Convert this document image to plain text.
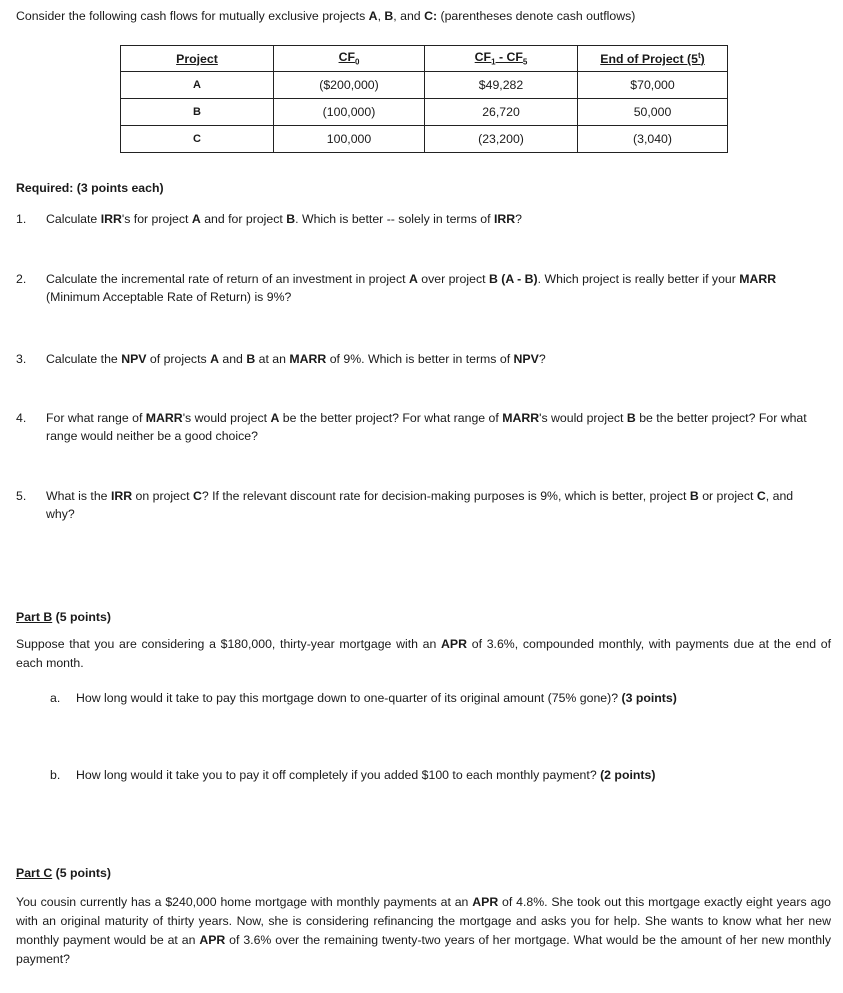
Consider the following cash flows for mutually exclusive projects A, B, and C: (parentheses denote cash outflows)
Project	$CF_0$	$CF_1 - CF_5$	End of Project (5$^t$)
A	($200,000)	$49,282	$70,000
B	(100,000)	26,720	50,000
C	100,000	(23,200)	(3,040)
Required: (3 points each)
1. Calculate IRR's for project A and for project B. Which is better -- solely in terms of IRR?
2. Calculate the incremental rate of return of an investment in project A over project B (A - B). Which project is really better if your MARR (Minimum Acceptable Rate of Return) is 9%?
3. Calculate the NPV of projects A and B at an MARR of 9%. Which is better in terms of NPV?
4. For what range of MARR's would project A be the better project? For what range of MARR's would project B be the better project? For what range would neither be a good choice?
5. What is the IRR on project C? If the relevant discount rate for decision-making purposes is 9%, which is better, project B or project C, and why?
Part B (5 points)
Suppose that you are considering a $180,000, thirty-year mortgage with an APR of 3.6%, compounded monthly, with payments due at the end of each month.
a. How long would it take to pay this mortgage down to one-quarter of its original amount (75% gone)? (3 points)
b. How long would it take you to pay it off completely if you added $100 to each monthly payment? (2 points)
Part C (5 points)
You cousin currently has a $240,000 home mortgage with monthly payments at an APR of 4.8%. She took out this mortgage exactly eight years ago with an original maturity of thirty years. Now, she is considering refinancing the mortgage and asks you for help. She wants to know what her new monthly payment would be at an APR of 3.6% over the remaining twenty-two years of her mortgage. What would be the amount of her new monthly payment?
